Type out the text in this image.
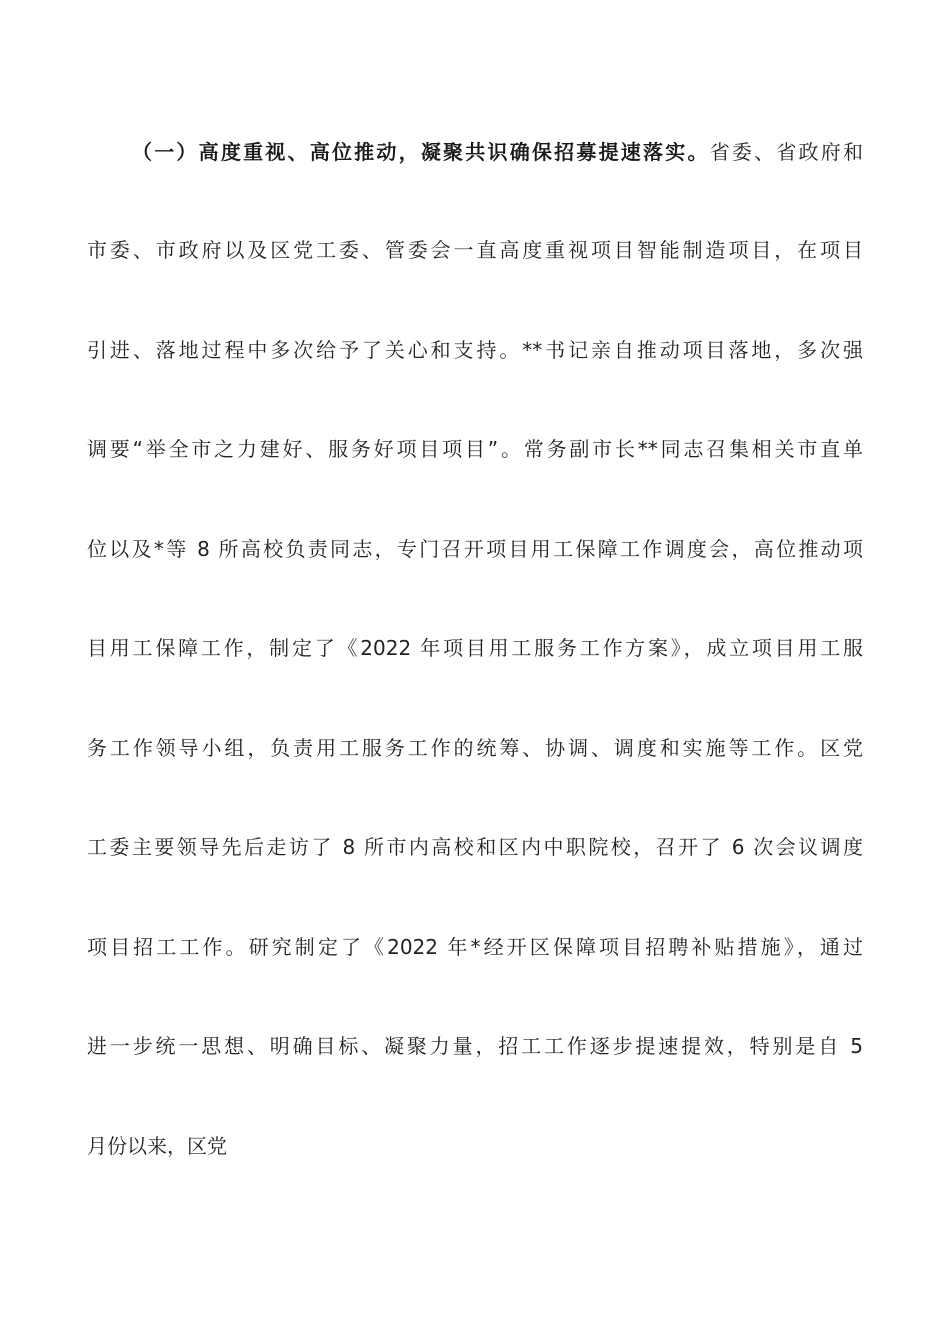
（一）高度重视、高位推动，凝聚共识确保招募提速落实。省委、省政府和
市委、市政府以及区党工委、管委会一直高度重视项目智能制造项目，在项目
引进、落地过程中多次给予了关心和支持。**书记亲自推动项目落地，多次强
调要“举全市之力建好、服务好项目项目”。常务副市长**同志召集相关市直单
位以及*等 8 所高校负责同志，专门召开项目用工保障工作调度会，高位推动项
目用工保障工作，制定了《2022 年项目用工服务工作方案》，成立项目用工服
务工作领导小组，负责用工服务工作的统筹、协调、调度和实施等工作。区党
工委主要领导先后走访了 8 所市内高校和区内中职院校，召开了 6 次会议调度
项目招工工作。研究制定了《2022 年*经开区保障项目招聘补贴措施》，通过
进一步统一思想、明确目标、凝聚力量，招工工作逐步提速提效，特别是自 5
月份以来，区党
